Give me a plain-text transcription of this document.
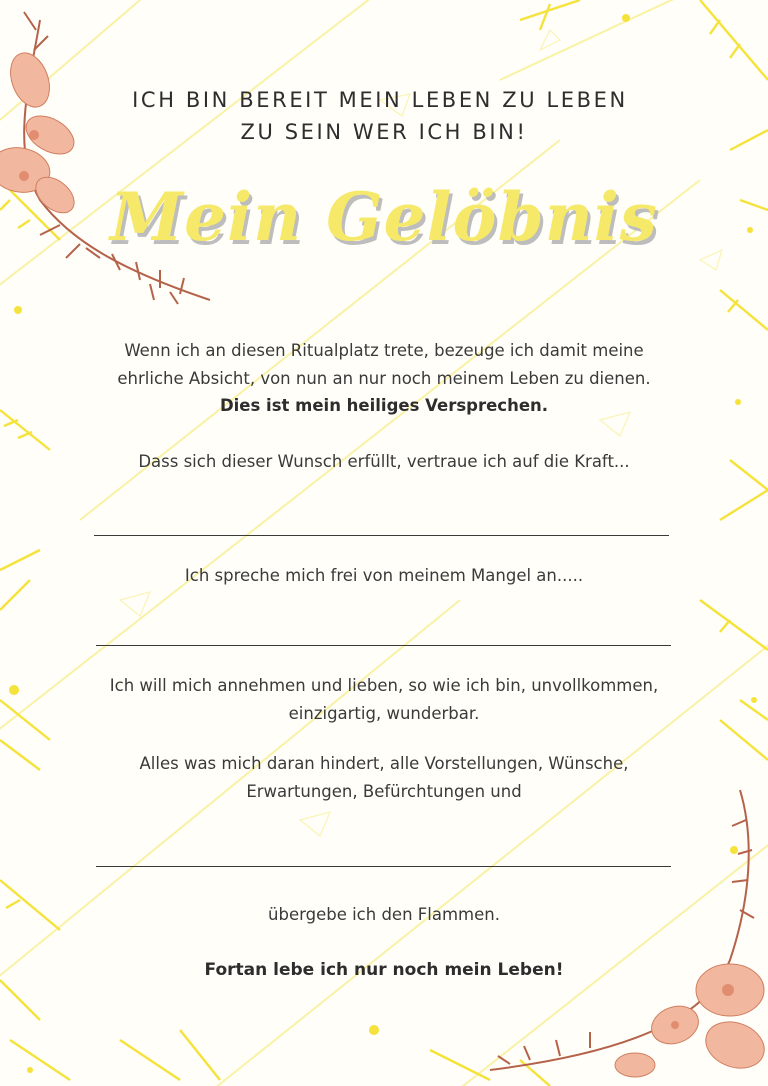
ICH BIN BEREIT MEIN LEBEN ZU LEBEN
ZU SEIN WER ICH BIN!
Mein Gelöbnis
Wenn ich an diesen Ritualplatz trete, bezeuge ich damit meine
ehrliche Absicht, von nun an nur noch meinem Leben zu dienen.
Dies ist mein heiliges Versprechen.
Dass sich dieser Wunsch erfüllt, vertraue ich auf die Kraft...
Ich spreche mich frei von meinem Mangel an.....
Ich will mich annehmen und lieben, so wie ich bin, unvollkommen,
einzigartig, wunderbar.
Alles was mich daran hindert, alle Vorstellungen, Wünsche,
Erwartungen, Befürchtungen und
übergebe ich den Flammen.
Fortan lebe ich nur noch mein Leben!
